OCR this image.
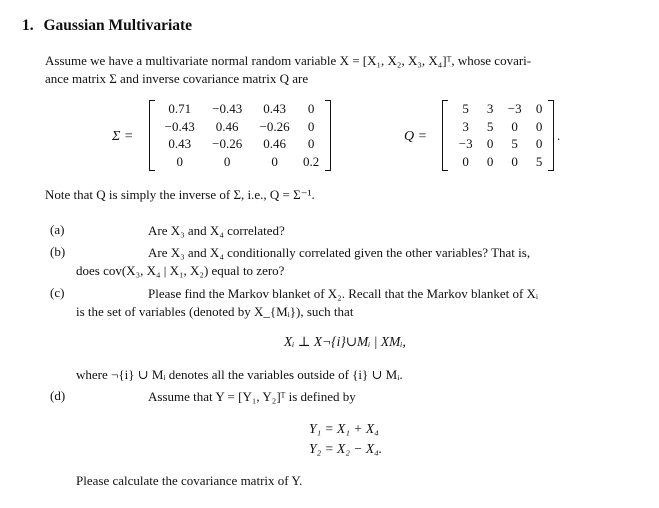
1. Gaussian Multivariate
Assume we have a multivariate normal random variable X = [X₁, X₂, X₃, X₄]ᵀ, whose covari-
ance matrix Σ and inverse covariance matrix Q are
Σ =
0.71	−0.43	0.43	0
−0.43	0.46	−0.26	0
0.43	−0.26	0.46	0
0	0	0	0.2
Q =
5	3	−3	0
3	5	0	0
−3	0	5	0
0	0	0	5
.
Note that Q is simply the inverse of Σ, i.e., Q = Σ⁻¹.
(a)	Are X₃ and X₄ correlated?
(b)	Are X₃ and X₄ conditionally correlated given the other variables? That is,
does cov(X₃, X₄ | X₁, X₂) equal to zero?
(c)	Please find the Markov blanket of X₂. Recall that the Markov blanket of Xᵢ
is the set of variables (denoted by X_{Mᵢ}), such that
Xᵢ ⊥ X¬{i}∪Mᵢ | XMᵢ,
where ¬{i} ∪ Mᵢ denotes all the variables outside of {i} ∪ Mᵢ.
(d)	Assume that Y = [Y₁, Y₂]ᵀ is defined by
Y₁ = X₁ + X₄
Y₂ = X₂ − X₄.
Please calculate the covariance matrix of Y.
